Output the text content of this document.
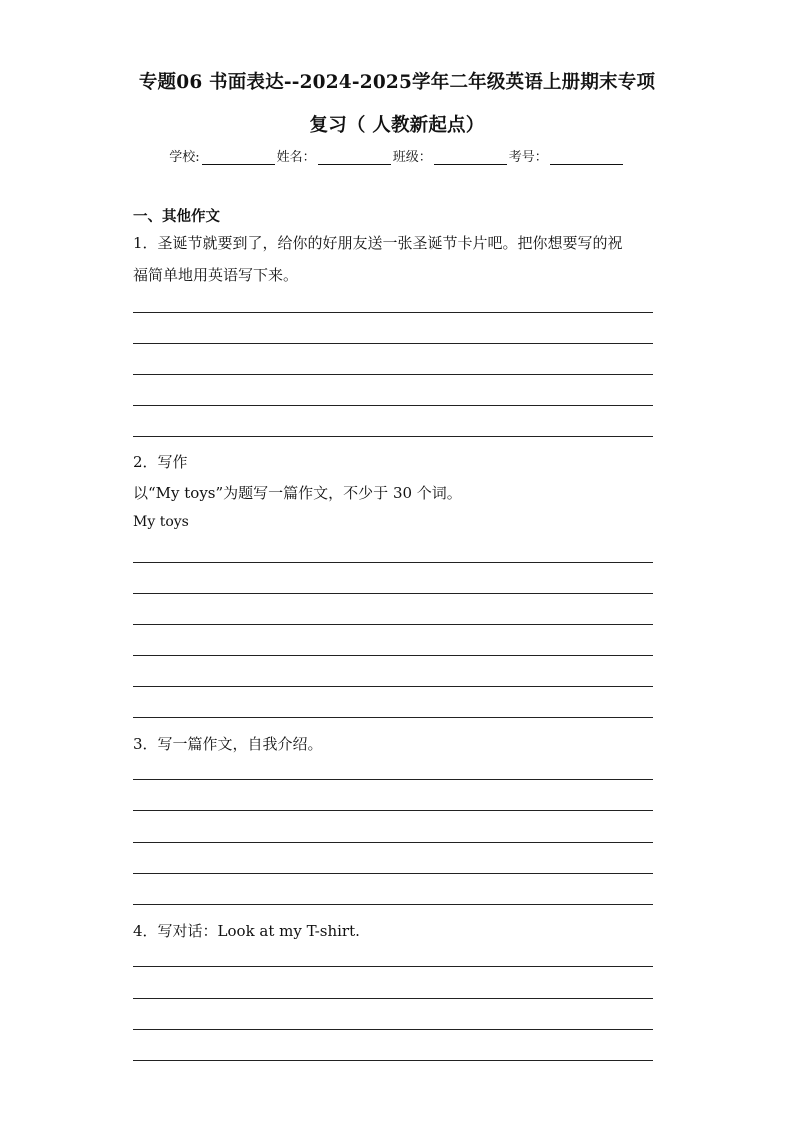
专题06 书面表达--2024-2025学年二年级英语上册期末专项
复习（ 人教新起点）
学校:	姓名：	班级：	考号：
一、其他作文
1．圣诞节就要到了，给你的好朋友送一张圣诞节卡片吧。把你想要写的祝
福简单地用英语写下来。
2．写作
以“My toys”为题写一篇作文，不少于 30 个词。
My toys
3．写一篇作文，自我介绍。
4．写对话：Look at my T-shirt.
